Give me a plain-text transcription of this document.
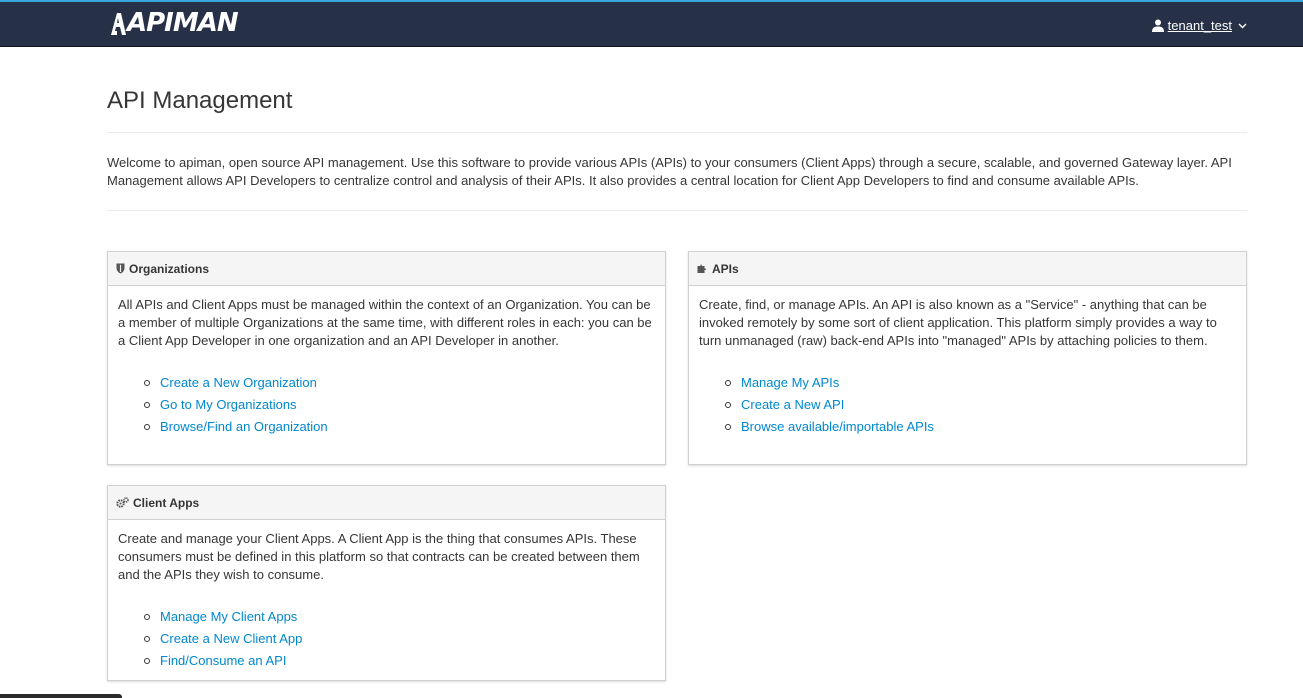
APIMAN	tenant_test
API Management
Welcome to apiman, open source API management. Use this software to provide various APIs (APIs) to your consumers (Client Apps) through a secure, scalable, and governed Gateway layer. API Management allows API Developers to centralize control and analysis of their APIs. It also provides a central location for Client App Developers to find and consume available APIs.
Organizations

All APIs and Client Apps must be managed within the context of an Organization. You can be a member of multiple Organizations at the same time, with different roles in each: you can be a Client App Developer in one organization and an API Developer in another.

Create a New Organization
Go to My Organizations
Browse/Find an Organization
APIs

Create, find, or manage APIs. An API is also known as a "Service" - anything that can be invoked remotely by some sort of client application. This platform simply provides a way to turn unmanaged (raw) back-end APIs into "managed" APIs by attaching policies to them.

Manage My APIs
Create a New API
Browse available/importable APIs
Client Apps

Create and manage your Client Apps. A Client App is the thing that consumes APIs. These consumers must be defined in this platform so that contracts can be created between them and the APIs they wish to consume.

Manage My Client Apps
Create a New Client App
Find/Consume an API
